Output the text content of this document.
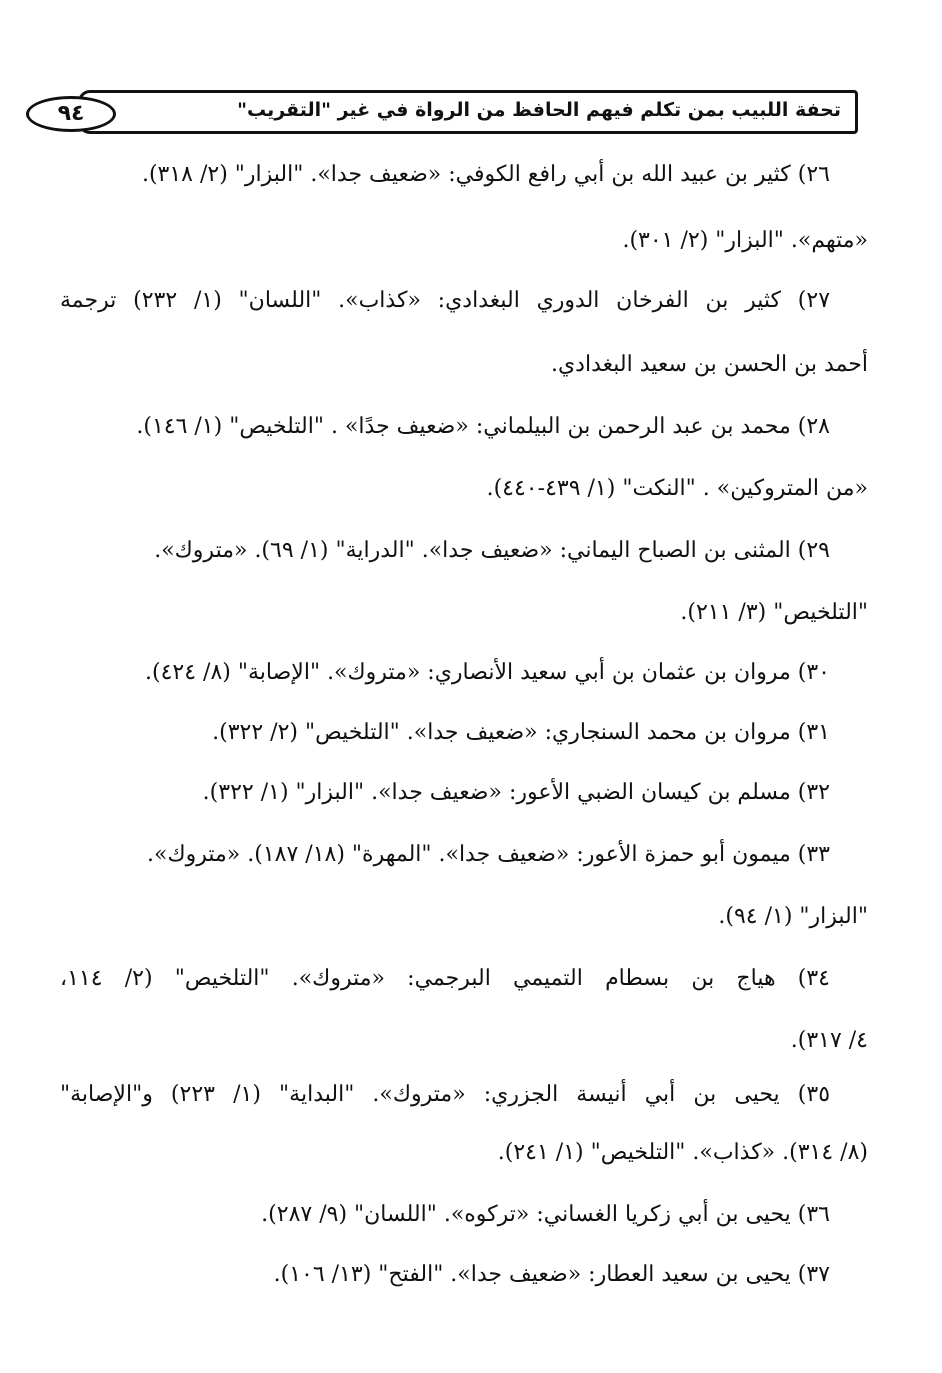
تحفة اللبيب بمن تكلم فيهم الحافظ من الرواة في غير "التقريب"
٩٤
٢٦) كثير بن عبيد الله بن أبي رافع الكوفي: «ضعيف جدا». "البزار" (٢/ ٣١٨).
«متهم». "البزار" (٢/ ٣٠١).
٢٧) كثير بن الفرخان الدوري البغدادي: «كذاب». "اللسان" (١/ ٢٣٢) ترجمة
أحمد بن الحسن بن سعيد البغدادي.
٢٨) محمد بن عبد الرحمن بن البيلماني: «ضعيف جدًا» . "التلخيص" (١/ ١٤٦).
«من المتروكين» . "النكت" (١/ ٤٣٩-٤٤٠).
٢٩) المثنى بن الصباح اليماني: «ضعيف جدا». "الدراية" (١/ ٦٩). «متروك».
"التلخيص" (٣/ ٢١١).
٣٠) مروان بن عثمان بن أبي سعيد الأنصاري: «متروك». "الإصابة" (٨/ ٤٢٤).
٣١) مروان بن محمد السنجاري: «ضعيف جدا». "التلخيص" (٢/ ٣٢٢).
٣٢) مسلم بن كيسان الضبي الأعور: «ضعيف جدا». "البزار" (١/ ٣٢٢).
٣٣) ميمون أبو حمزة الأعور: «ضعيف جدا». "المهرة" (١٨/ ١٨٧). «متروك».
"البزار" (١/ ٩٤).
٣٤) هياج بن بسطام التميمي البرجمي: «متروك». "التلخيص" (٢/ ١١٤،
٤/ ٣١٧).
٣٥) يحيى بن أبي أنيسة الجزري: «متروك». "البداية" (١/ ٢٢٣) و"الإصابة"
(٨/ ٣١٤). «كذاب». "التلخيص" (١/ ٢٤١).
٣٦) يحيى بن أبي زكريا الغساني: «تركوه». "اللسان" (٩/ ٢٨٧).
٣٧) يحيى بن سعيد العطار: «ضعيف جدا». "الفتح" (١٣/ ١٠٦).
